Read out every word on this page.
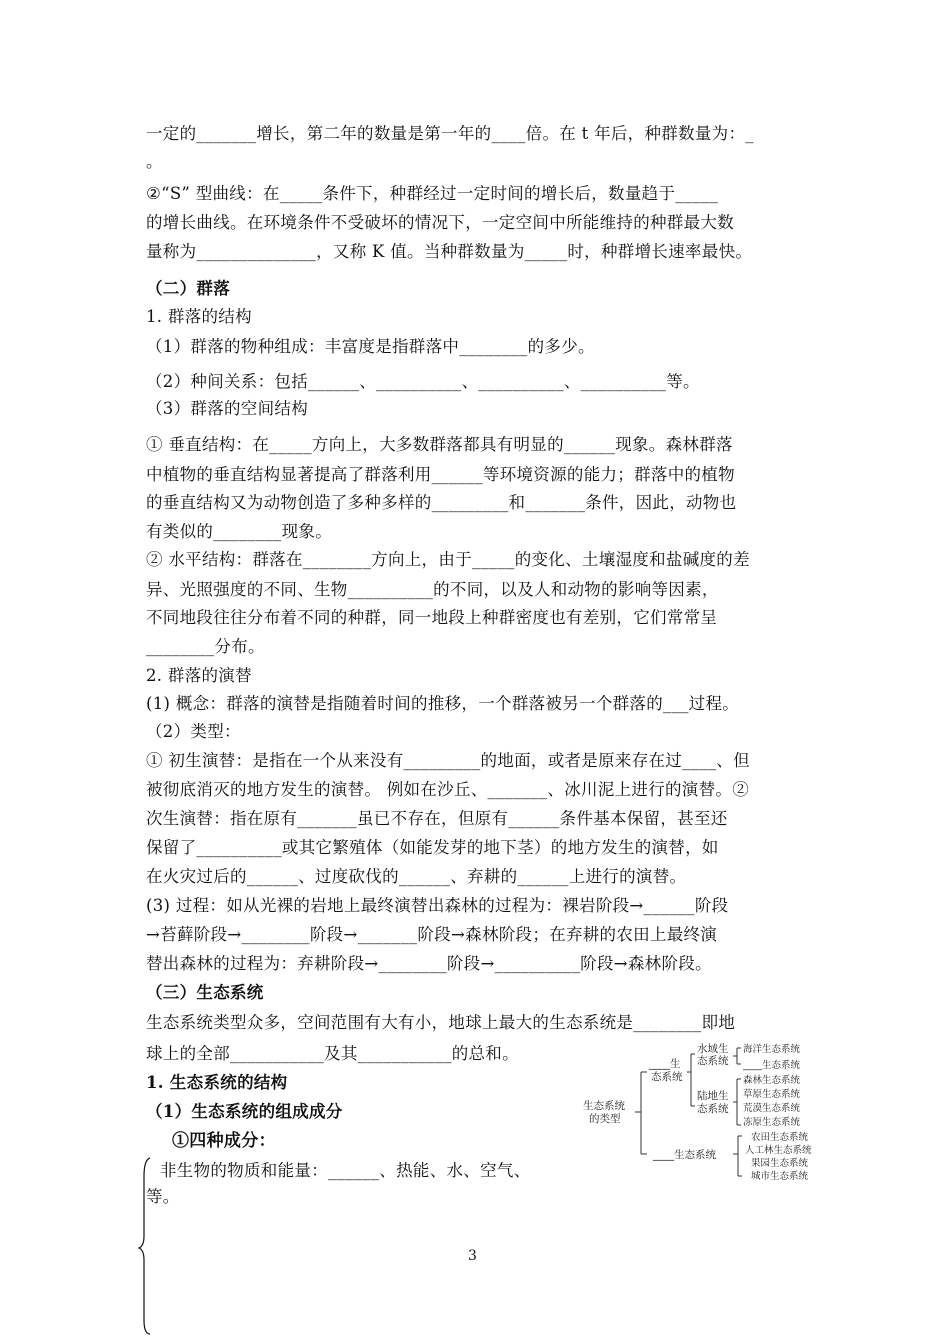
一定的_______增长，第二年的数量是第一年的____倍。在 t 年后，种群数量为：_
。
②“S” 型曲线：在_____条件下，种群经过一定时间的增长后，数量趋于_____
的增长曲线。在环境条件不受破坏的情况下，一定空间中所能维持的种群最大数
量称为______________，又称 K 值。当种群数量为_____时，种群增长速率最快。
（二）群落
1. 群落的结构
（1）群落的物种组成：丰富度是指群落中________的多少。
（2）种间关系：包括______、__________、__________、__________等。
（3）群落的空间结构
① 垂直结构：在_____方向上，大多数群落都具有明显的______现象。森林群落
中植物的垂直结构显著提高了群落利用______等环境资源的能力；群落中的植物
的垂直结构又为动物创造了多种多样的_________和_______条件，因此，动物也
有类似的________现象。
② 水平结构：群落在________方向上，由于_____的变化、土壤湿度和盐碱度的差
异、光照强度的不同、生物__________的不同，以及人和动物的影响等因素，
不同地段往往分布着不同的种群，同一地段上种群密度也有差别，它们常常呈
________分布。
2. 群落的演替
(1) 概念：群落的演替是指随着时间的推移，一个群落被另一个群落的___过程。
（2）类型：
① 初生演替：是指在一个从来没有_________的地面，或者是原来存在过____、但
被彻底消灭的地方发生的演替。 例如在沙丘、_______、冰川泥上进行的演替。②
次生演替：指在原有_______虽已不存在，但原有______条件基本保留，甚至还
保留了__________或其它繁殖体（如能发芽的地下茎）的地方发生的演替，如
在火灾过后的______、过度砍伐的______、弃耕的______上进行的演替。
(3) 过程：如从光裸的岩地上最终演替出森林的过程为：裸岩阶段→______阶段
→苔藓阶段→________阶段→_______阶段→森林阶段；在弃耕的农田上最终演
替出森林的过程为：弃耕阶段→________阶段→__________阶段→森林阶段。
（三）生态系统
生态系统类型众多，空间范围有大有小，地球上最大的生态系统是________即地
球上的全部___________及其___________的总和。
1. 生态系统的结构
（1）生态系统的组成成分
①四种成分：
非生物的物质和能量：______、热能、水、空气、
等。
生态系统
的类型
____生
态系统
水域生
态系统
陆地生
态系统
海洋生态系统
____生态系统
森林生态系统
草原生态系统
荒漠生态系统
冻原生态系统
____生态系统
农田生态系统
人工林生态系统
果园生态系统
城市生态系统
3
